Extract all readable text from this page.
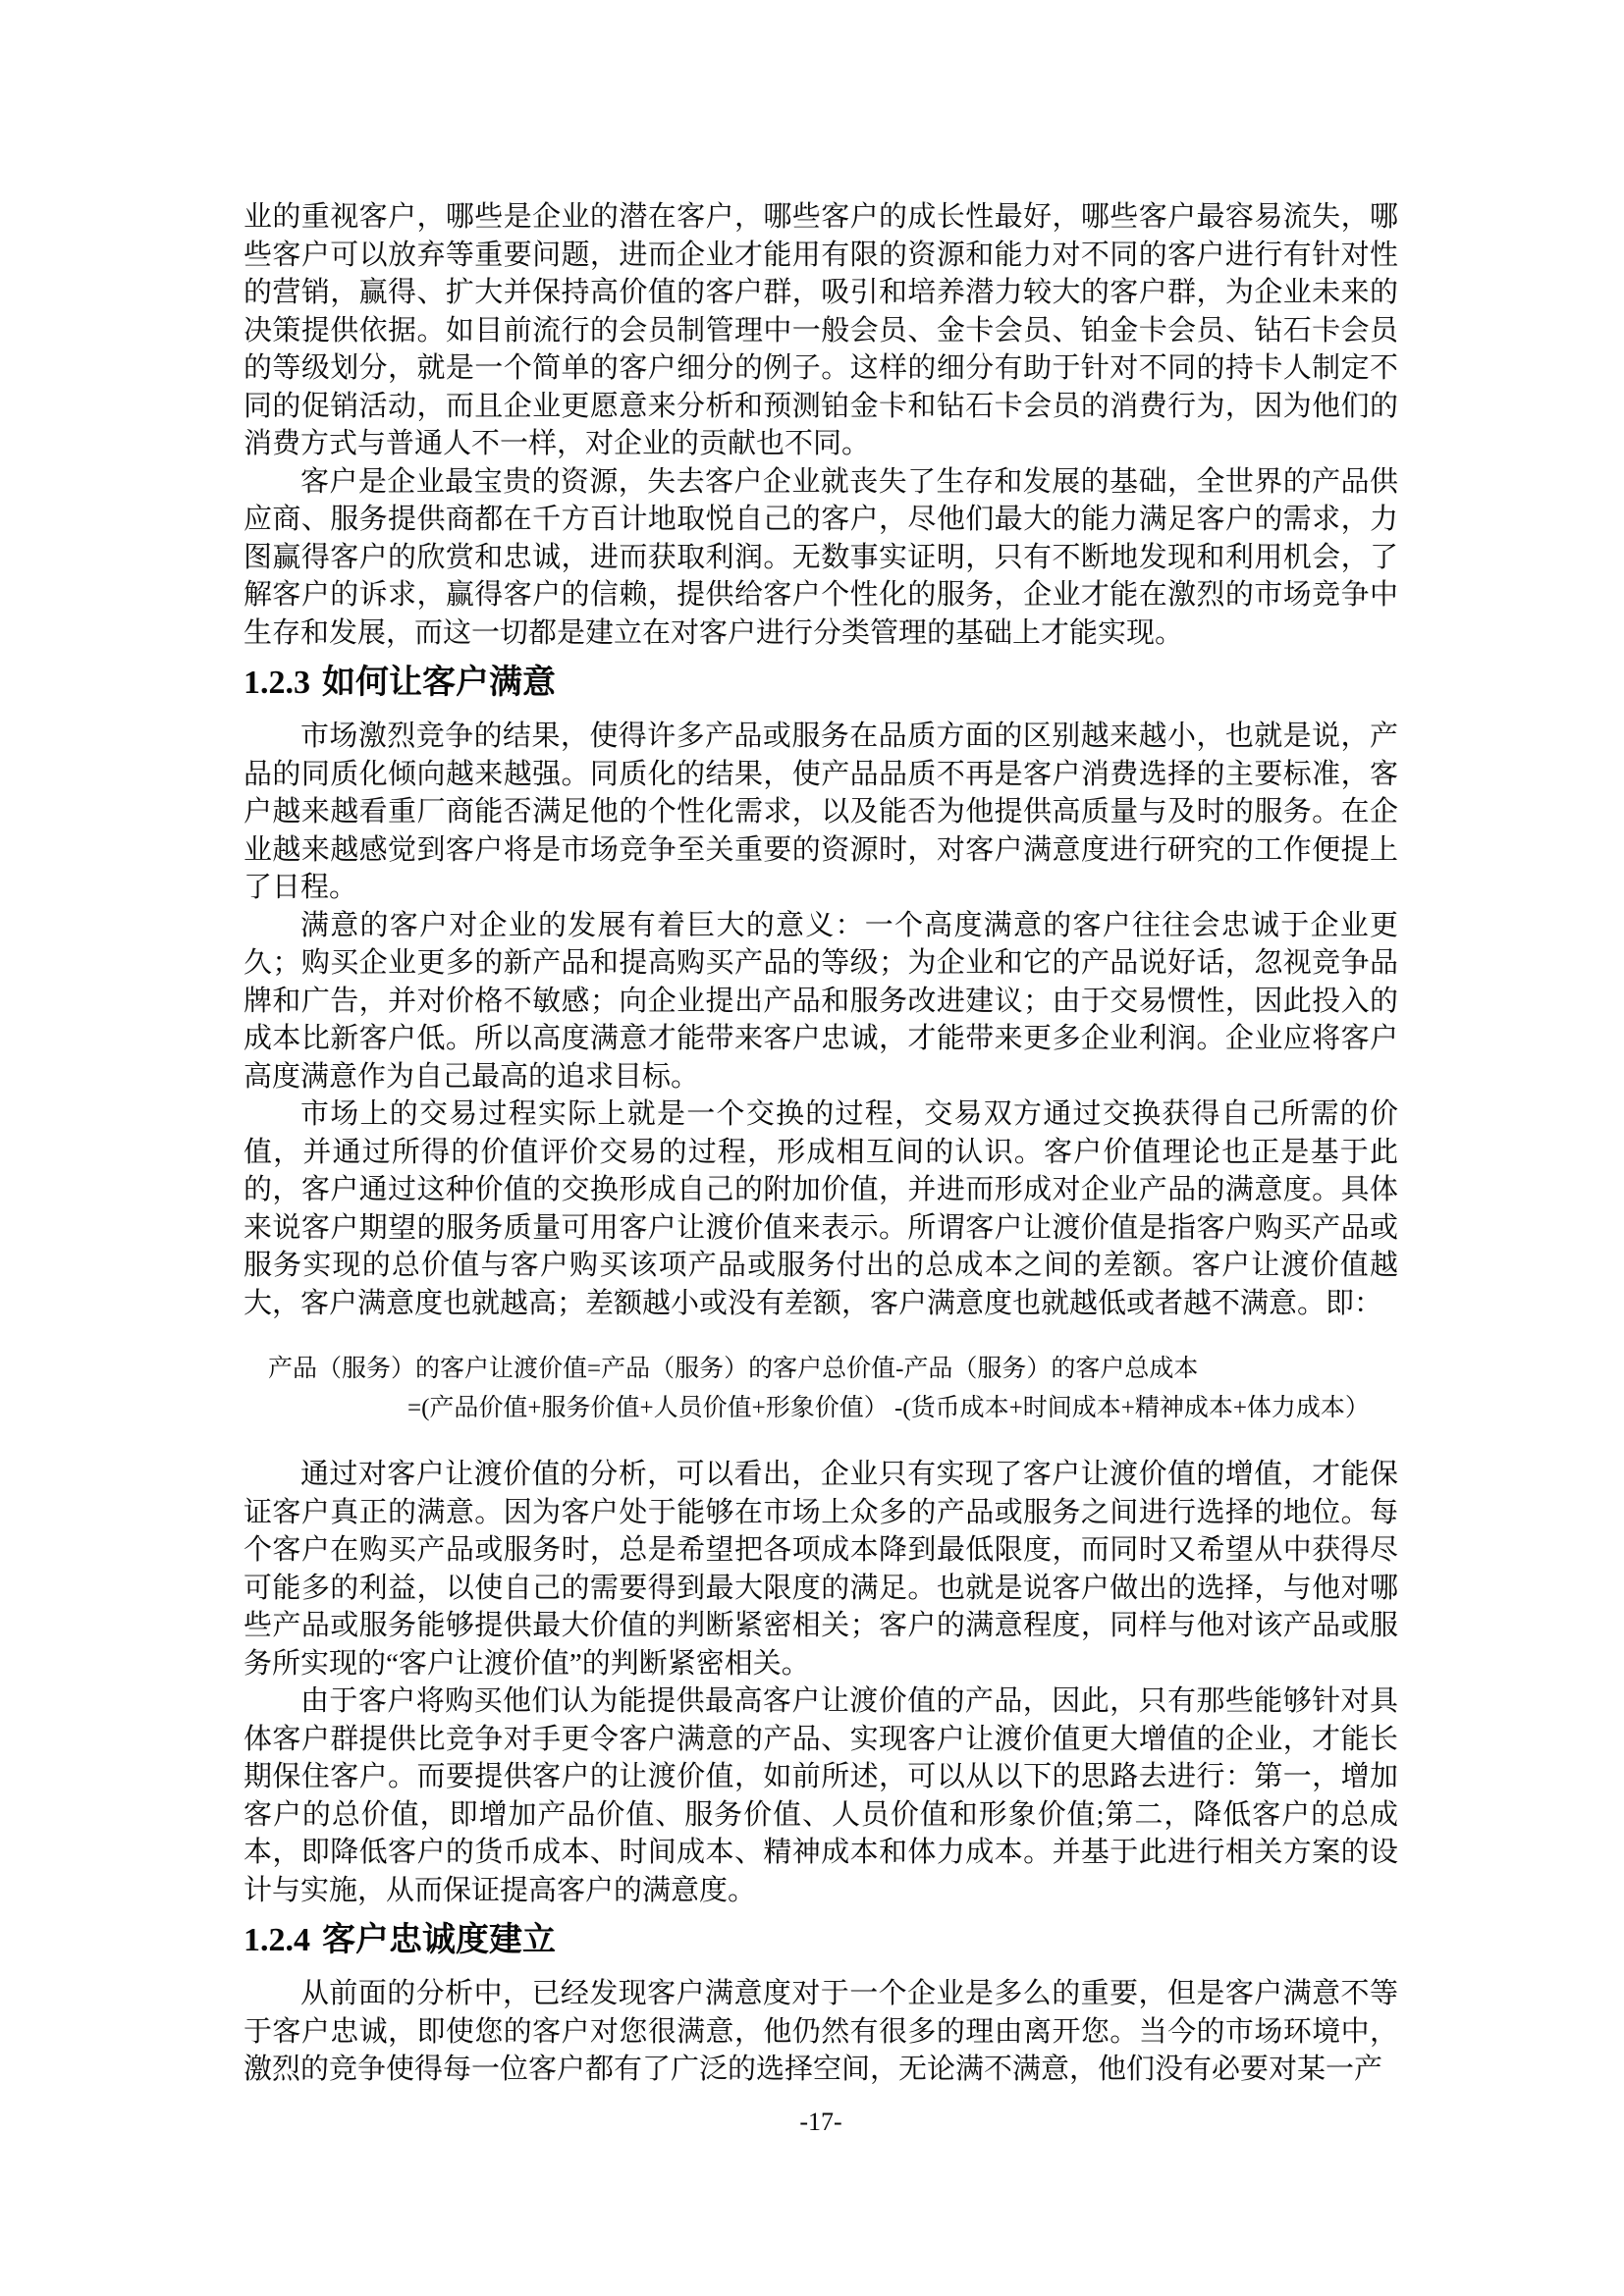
业的重视客户，哪些是企业的潜在客户，哪些客户的成长性最好，哪些客户最容易流失，哪些客户可以放弃等重要问题，进而企业才能用有限的资源和能力对不同的客户进行有针对性的营销，赢得、扩大并保持高价值的客户群，吸引和培养潜力较大的客户群，为企业未来的决策提供依据。如目前流行的会员制管理中一般会员、金卡会员、铂金卡会员、钻石卡会员的等级划分，就是一个简单的客户细分的例子。这样的细分有助于针对不同的持卡人制定不同的促销活动，而且企业更愿意来分析和预测铂金卡和钻石卡会员的消费行为，因为他们的消费方式与普通人不一样，对企业的贡献也不同。

客户是企业最宝贵的资源，失去客户企业就丧失了生存和发展的基础，全世界的产品供应商、服务提供商都在千方百计地取悦自己的客户，尽他们最大的能力满足客户的需求，力图赢得客户的欣赏和忠诚，进而获取利润。无数事实证明，只有不断地发现和利用机会，了解客户的诉求，赢得客户的信赖，提供给客户个性化的服务，企业才能在激烈的市场竞争中生存和发展，而这一切都是建立在对客户进行分类管理的基础上才能实现。

1.2.3 如何让客户满意

市场激烈竞争的结果，使得许多产品或服务在品质方面的区别越来越小，也就是说，产品的同质化倾向越来越强。同质化的结果，使产品品质不再是客户消费选择的主要标准，客户越来越看重厂商能否满足他的个性化需求，以及能否为他提供高质量与及时的服务。在企业越来越感觉到客户将是市场竞争至关重要的资源时，对客户满意度进行研究的工作便提上了日程。

满意的客户对企业的发展有着巨大的意义：一个高度满意的客户往往会忠诚于企业更久；购买企业更多的新产品和提高购买产品的等级；为企业和它的产品说好话，忽视竞争品牌和广告，并对价格不敏感；向企业提出产品和服务改进建议；由于交易惯性，因此投入的成本比新客户低。所以高度满意才能带来客户忠诚，才能带来更多企业利润。企业应将客户高度满意作为自己最高的追求目标。

市场上的交易过程实际上就是一个交换的过程，交易双方通过交换获得自己所需的价值，并通过所得的价值评价交易的过程，形成相互间的认识。客户价值理论也正是基于此的，客户通过这种价值的交换形成自己的附加价值，并进而形成对企业产品的满意度。具体来说客户期望的服务质量可用客户让渡价值来表示。所谓客户让渡价值是指客户购买产品或服务实现的总价值与客户购买该项产品或服务付出的总成本之间的差额。客户让渡价值越大，客户满意度也就越高；差额越小或没有差额，客户满意度也就越低或者越不满意。即：

产品（服务）的客户让渡价值=产品（服务）的客户总价值-产品（服务）的客户总成本
=(产品价值+服务价值+人员价值+形象价值） -(货币成本+时间成本+精神成本+体力成本）

通过对客户让渡价值的分析，可以看出，企业只有实现了客户让渡价值的增值，才能保证客户真正的满意。因为客户处于能够在市场上众多的产品或服务之间进行选择的地位。每个客户在购买产品或服务时，总是希望把各项成本降到最低限度，而同时又希望从中获得尽可能多的利益，以使自己的需要得到最大限度的满足。也就是说客户做出的选择，与他对哪些产品或服务能够提供最大价值的判断紧密相关；客户的满意程度，同样与他对该产品或服务所实现的“客户让渡价值”的判断紧密相关。

由于客户将购买他们认为能提供最高客户让渡价值的产品，因此，只有那些能够针对具体客户群提供比竞争对手更令客户满意的产品、实现客户让渡价值更大增值的企业，才能长期保住客户。而要提供客户的让渡价值，如前所述，可以从以下的思路去进行：第一，增加客户的总价值，即增加产品价值、服务价值、人员价值和形象价值;第二，降低客户的总成本，即降低客户的货币成本、时间成本、精神成本和体力成本。并基于此进行相关方案的设计与实施，从而保证提高客户的满意度。

1.2.4 客户忠诚度建立

从前面的分析中，已经发现客户满意度对于一个企业是多么的重要，但是客户满意不等于客户忠诚，即使您的客户对您很满意，他仍然有很多的理由离开您。当今的市场环境中，激烈的竞争使得每一位客户都有了广泛的选择空间，无论满不满意，他们没有必要对某一产

-17-
